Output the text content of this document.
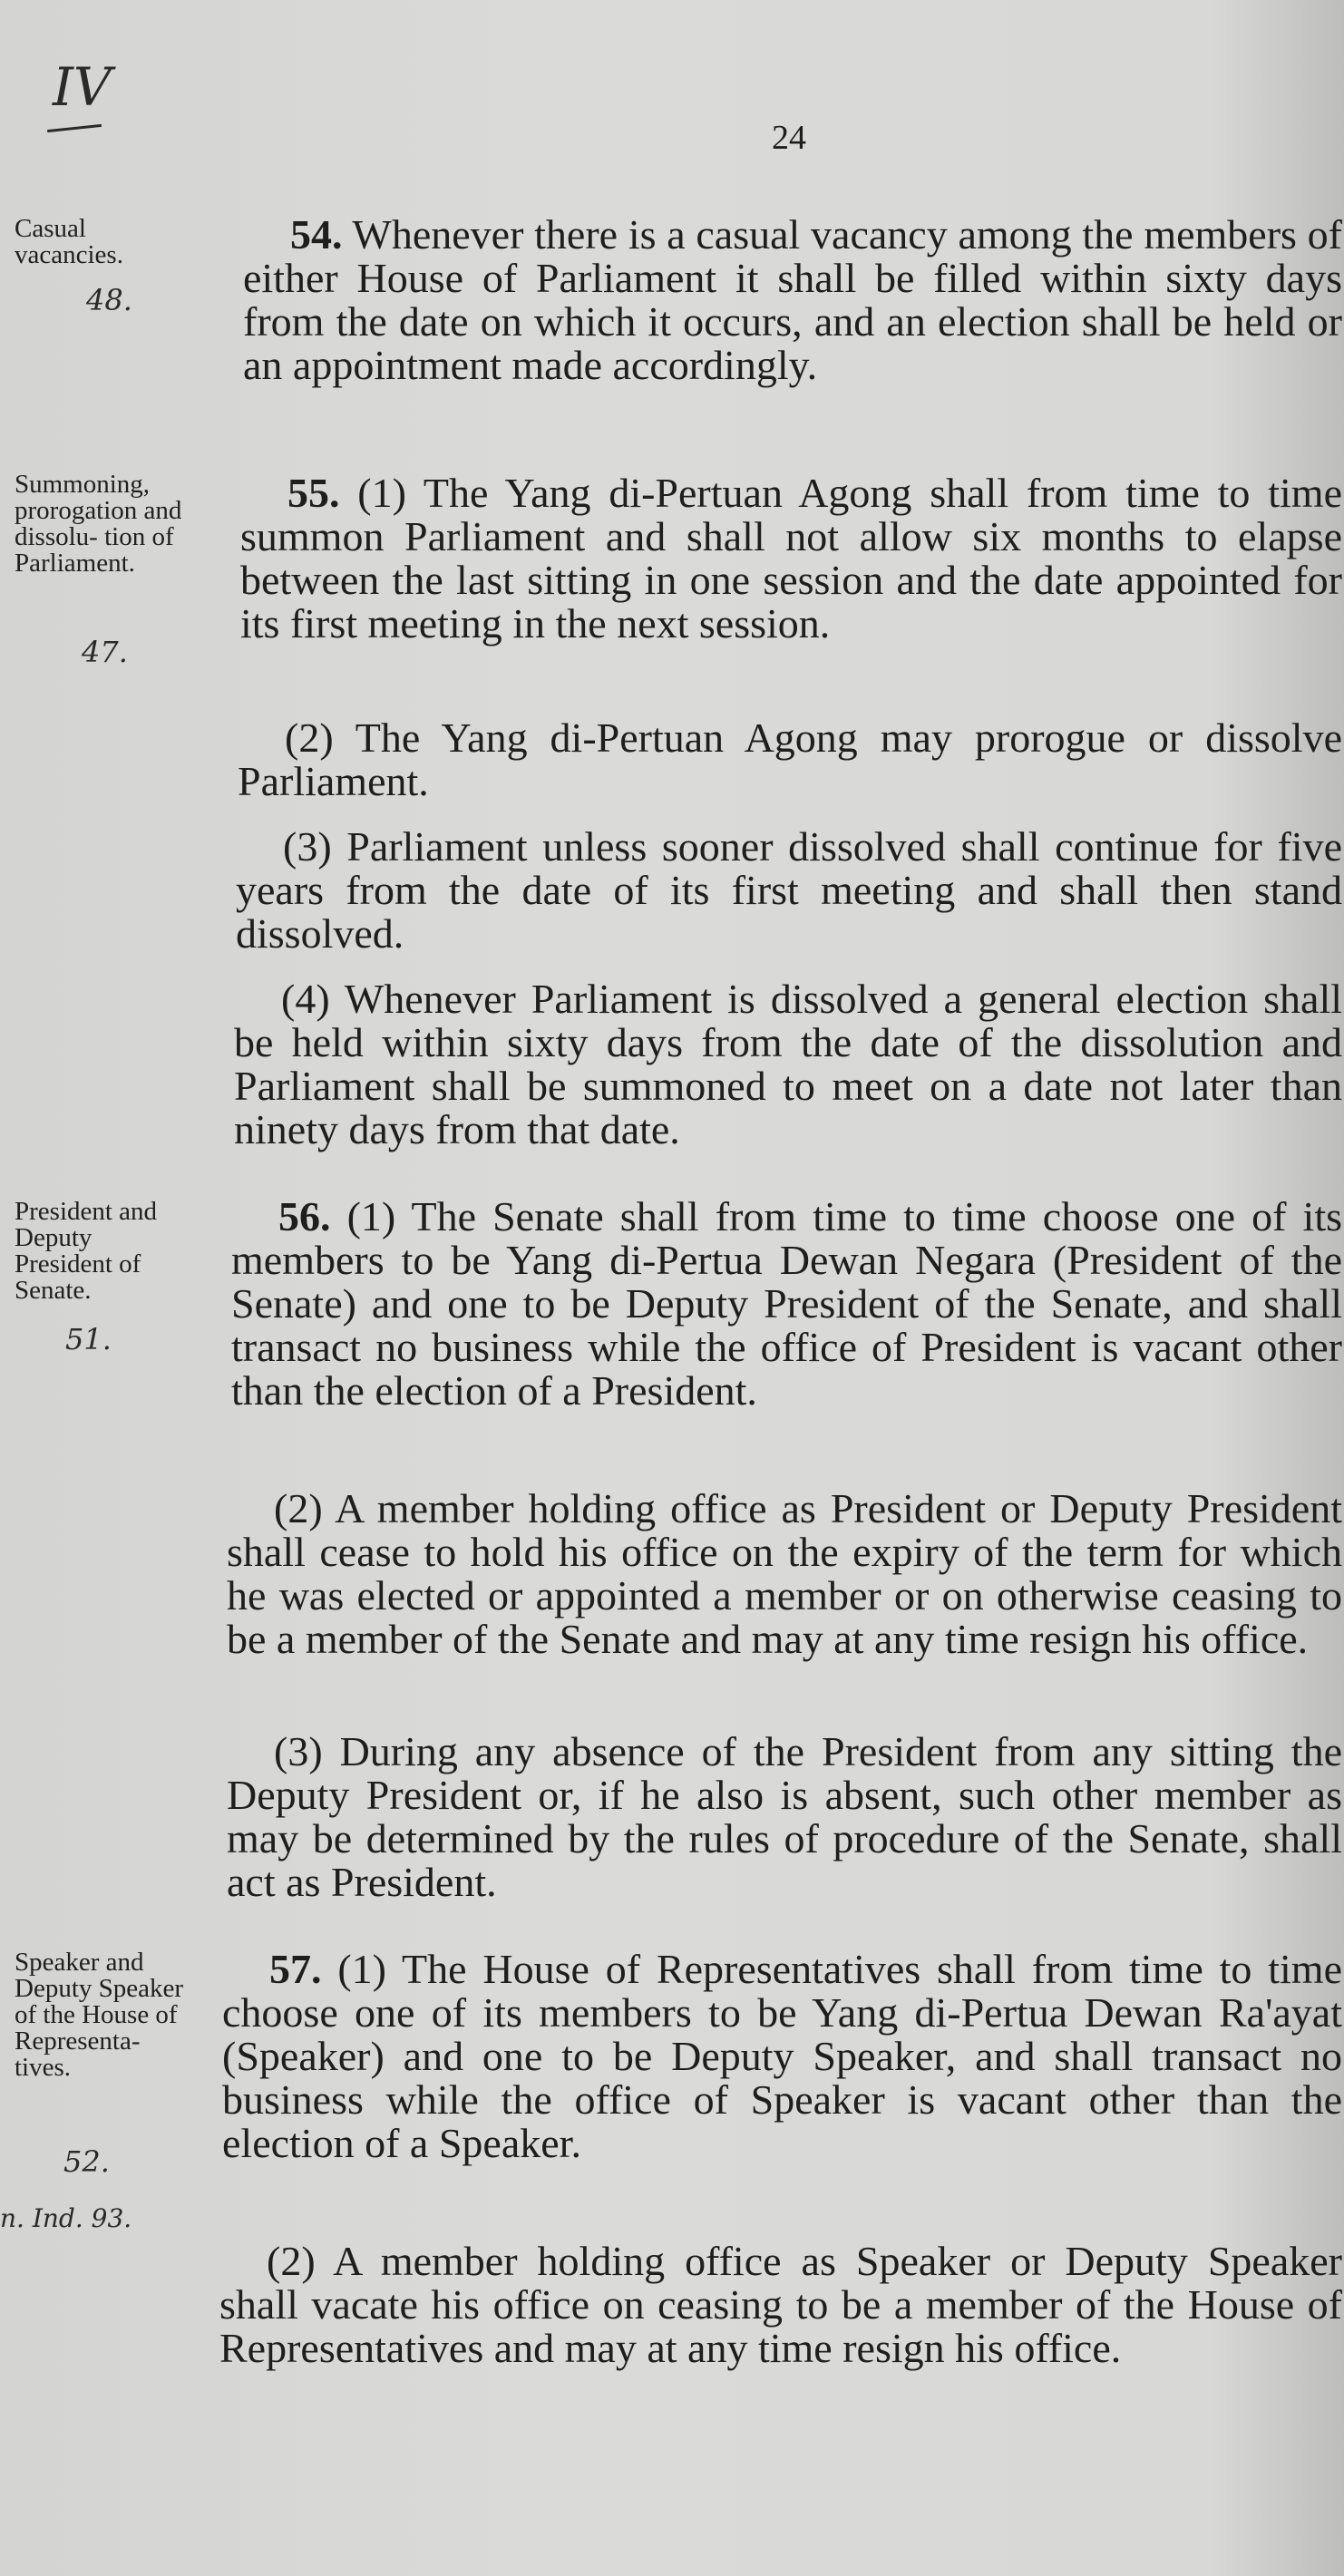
IV
24
Casual vacancies.
48.
Summoning, prorogation and dissolu- tion of Parliament.
47.
President and Deputy President of Senate.
51.
Speaker and Deputy Speaker of the House of Representa- tives.
52.
n. Ind. 93.
54. Whenever there is a casual vacancy among the members of either House of Parliament it shall be filled within sixty days from the date on which it occurs, and an election shall be held or an appointment made accordingly.
55. (1) The Yang di-Pertuan Agong shall from time to time summon Parliament and shall not allow six months to elapse between the last sitting in one session and the date appointed for its first meeting in the next session.
(2) The Yang di-Pertuan Agong may prorogue or dissolve Parliament.
(3) Parliament unless sooner dissolved shall continue for five years from the date of its first meeting and shall then stand dissolved.
(4) Whenever Parliament is dissolved a general election shall be held within sixty days from the date of the dissolution and Parliament shall be summoned to meet on a date not later than ninety days from that date.
56. (1) The Senate shall from time to time choose one of its members to be Yang di-Pertua Dewan Negara (President of the Senate) and one to be Deputy President of the Senate, and shall transact no business while the office of President is vacant other than the election of a President.
(2) A member holding office as President or Deputy President shall cease to hold his office on the expiry of the term for which he was elected or appointed a member or on otherwise ceasing to be a member of the Senate and may at any time resign his office.
(3) During any absence of the President from any sitting the Deputy President or, if he also is absent, such other member as may be determined by the rules of procedure of the Senate, shall act as President.
57. (1) The House of Representatives shall from time to time choose one of its members to be Yang di-Pertua Dewan Ra'ayat (Speaker) and one to be Deputy Speaker, and shall transact no business while the office of Speaker is vacant other than the election of a Speaker.
(2) A member holding office as Speaker or Deputy Speaker shall vacate his office on ceasing to be a member of the House of Representatives and may at any time resign his office.
